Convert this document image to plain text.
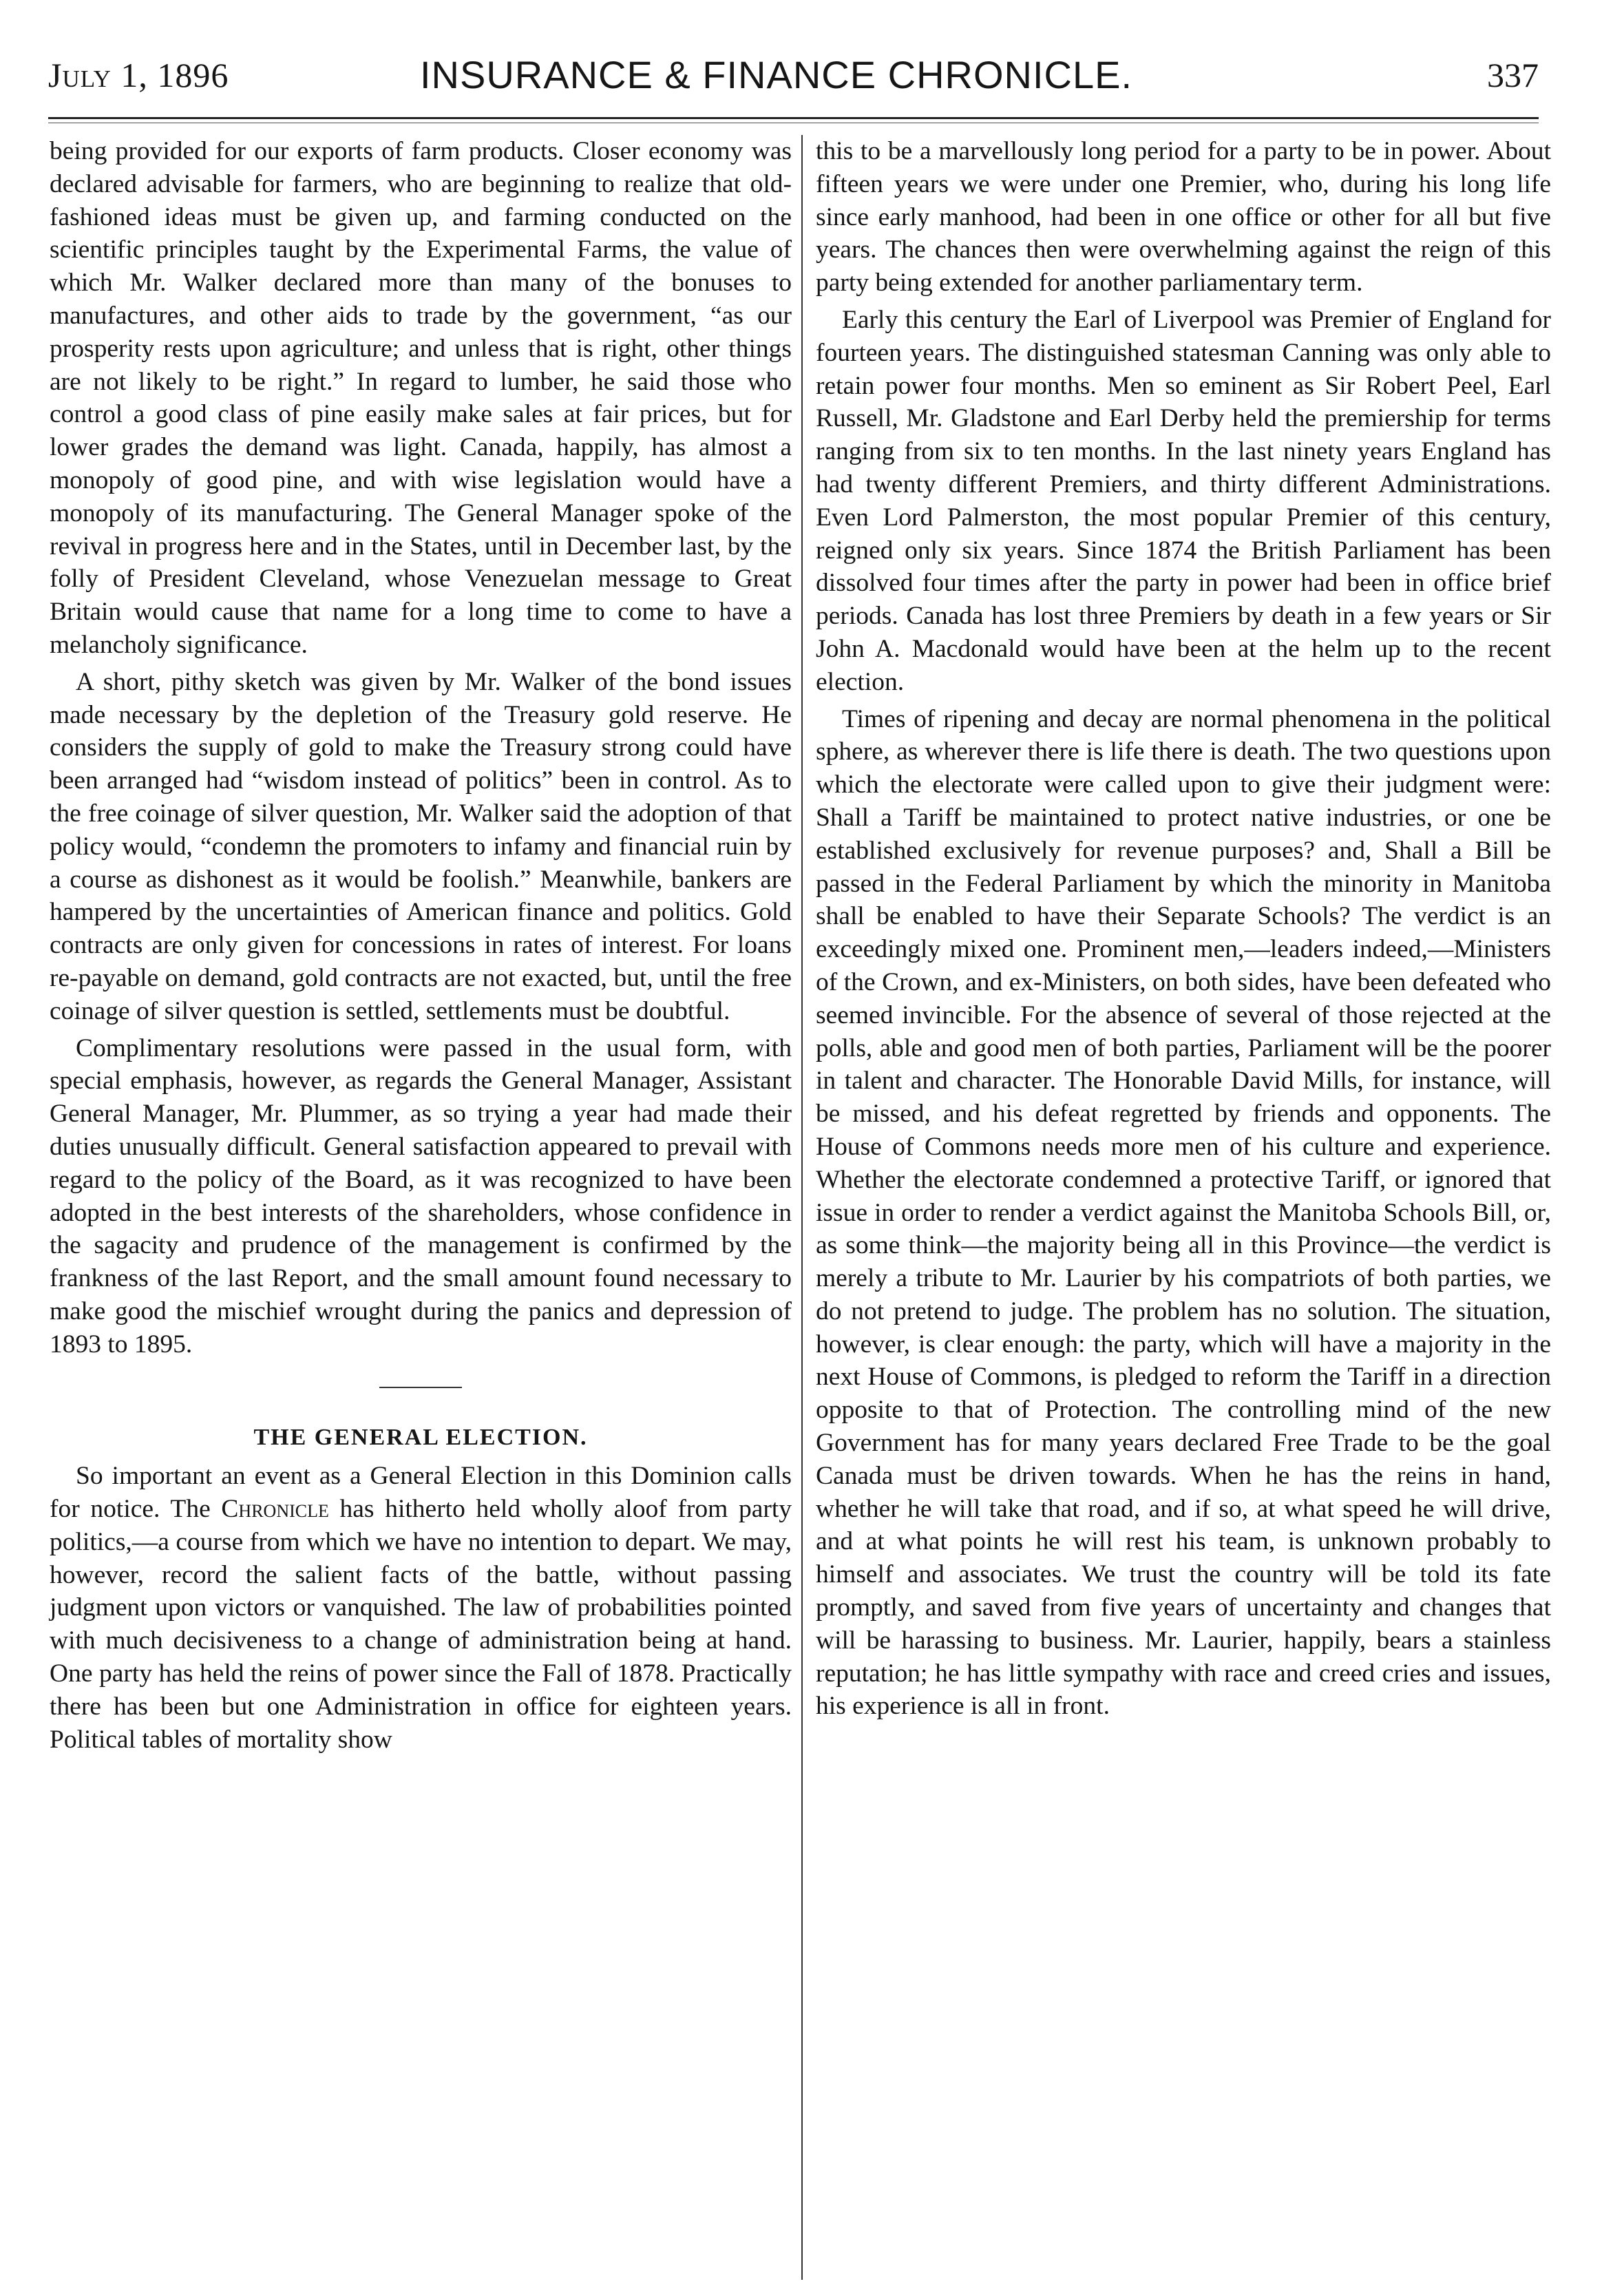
July 1, 1896	INSURANCE & FINANCE CHRONICLE.	337

being provided for our exports of farm products. Closer economy was declared advisable for farmers, who are beginning to realize that old-fashioned ideas must be given up, and farming conducted on the scientific principles taught by the Experimental Farms, the value of which Mr. Walker declared more than many of the bonuses to manufactures, and other aids to trade by the government, “as our prosperity rests upon agriculture; and unless that is right, other things are not likely to be right.” In regard to lumber, he said those who control a good class of pine easily make sales at fair prices, but for lower grades the demand was light. Canada, happily, has almost a monopoly of good pine, and with wise legislation would have a monopoly of its manufacturing. The General Manager spoke of the revival in progress here and in the States, until in December last, by the folly of President Cleveland, whose Venezuelan message to Great Britain would cause that name for a long time to come to have a melancholy significance.

A short, pithy sketch was given by Mr. Walker of the bond issues made necessary by the depletion of the Treasury gold reserve. He considers the supply of gold to make the Treasury strong could have been arranged had “wisdom instead of politics” been in control. As to the free coinage of silver question, Mr. Walker said the adoption of that policy would, “condemn the promoters to infamy and financial ruin by a course as dishonest as it would be foolish.” Meanwhile, bankers are hampered by the uncertainties of American finance and politics. Gold contracts are only given for concessions in rates of interest. For loans re-payable on demand, gold contracts are not exacted, but, until the free coinage of silver question is settled, settlements must be doubtful.

Complimentary resolutions were passed in the usual form, with special emphasis, however, as regards the General Manager, Assistant General Manager, Mr. Plummer, as so trying a year had made their duties unusually difficult. General satisfaction appeared to prevail with regard to the policy of the Board, as it was recognized to have been adopted in the best interests of the shareholders, whose confidence in the sagacity and prudence of the management is confirmed by the frankness of the last Report, and the small amount found necessary to make good the mischief wrought during the panics and depression of 1893 to 1895.

THE GENERAL ELECTION.

So important an event as a General Election in this Dominion calls for notice. The Chronicle has hitherto held wholly aloof from party politics,—a course from which we have no intention to depart. We may, however, record the salient facts of the battle, without passing judgment upon victors or vanquished. The law of probabilities pointed with much decisiveness to a change of administration being at hand. One party has held the reins of power since the Fall of 1878. Practically there has been but one Administration in office for eighteen years. Political tables of mortality show

this to be a marvellously long period for a party to be in power. About fifteen years we were under one Premier, who, during his long life since early manhood, had been in one office or other for all but five years. The chances then were overwhelming against the reign of this party being extended for another parliamentary term.

Early this century the Earl of Liverpool was Premier of England for fourteen years. The distinguished statesman Canning was only able to retain power four months. Men so eminent as Sir Robert Peel, Earl Russell, Mr. Gladstone and Earl Derby held the premiership for terms ranging from six to ten months. In the last ninety years England has had twenty different Premiers, and thirty different Administrations. Even Lord Palmerston, the most popular Premier of this century, reigned only six years. Since 1874 the British Parliament has been dissolved four times after the party in power had been in office brief periods. Canada has lost three Premiers by death in a few years or Sir John A. Macdonald would have been at the helm up to the recent election.

Times of ripening and decay are normal phenomena in the political sphere, as wherever there is life there is death. The two questions upon which the electorate were called upon to give their judgment were: Shall a Tariff be maintained to protect native industries, or one be established exclusively for revenue purposes? and, Shall a Bill be passed in the Federal Parliament by which the minority in Manitoba shall be enabled to have their Separate Schools? The verdict is an exceedingly mixed one. Prominent men,—leaders indeed,—Ministers of the Crown, and ex-Ministers, on both sides, have been defeated who seemed invincible. For the absence of several of those rejected at the polls, able and good men of both parties, Parliament will be the poorer in talent and character. The Honorable David Mills, for instance, will be missed, and his defeat regretted by friends and opponents. The House of Commons needs more men of his culture and experience. Whether the electorate condemned a protective Tariff, or ignored that issue in order to render a verdict against the Manitoba Schools Bill, or, as some think—the majority being all in this Province—the verdict is merely a tribute to Mr. Laurier by his compatriots of both parties, we do not pretend to judge. The problem has no solution. The situation, however, is clear enough: the party, which will have a majority in the next House of Commons, is pledged to reform the Tariff in a direction opposite to that of Protection. The controlling mind of the new Government has for many years declared Free Trade to be the goal Canada must be driven towards. When he has the reins in hand, whether he will take that road, and if so, at what speed he will drive, and at what points he will rest his team, is unknown probably to himself and associates. We trust the country will be told its fate promptly, and saved from five years of uncertainty and changes that will be harassing to business. Mr. Laurier, happily, bears a stainless reputation; he has little sympathy with race and creed cries and issues, his experience is all in front.
